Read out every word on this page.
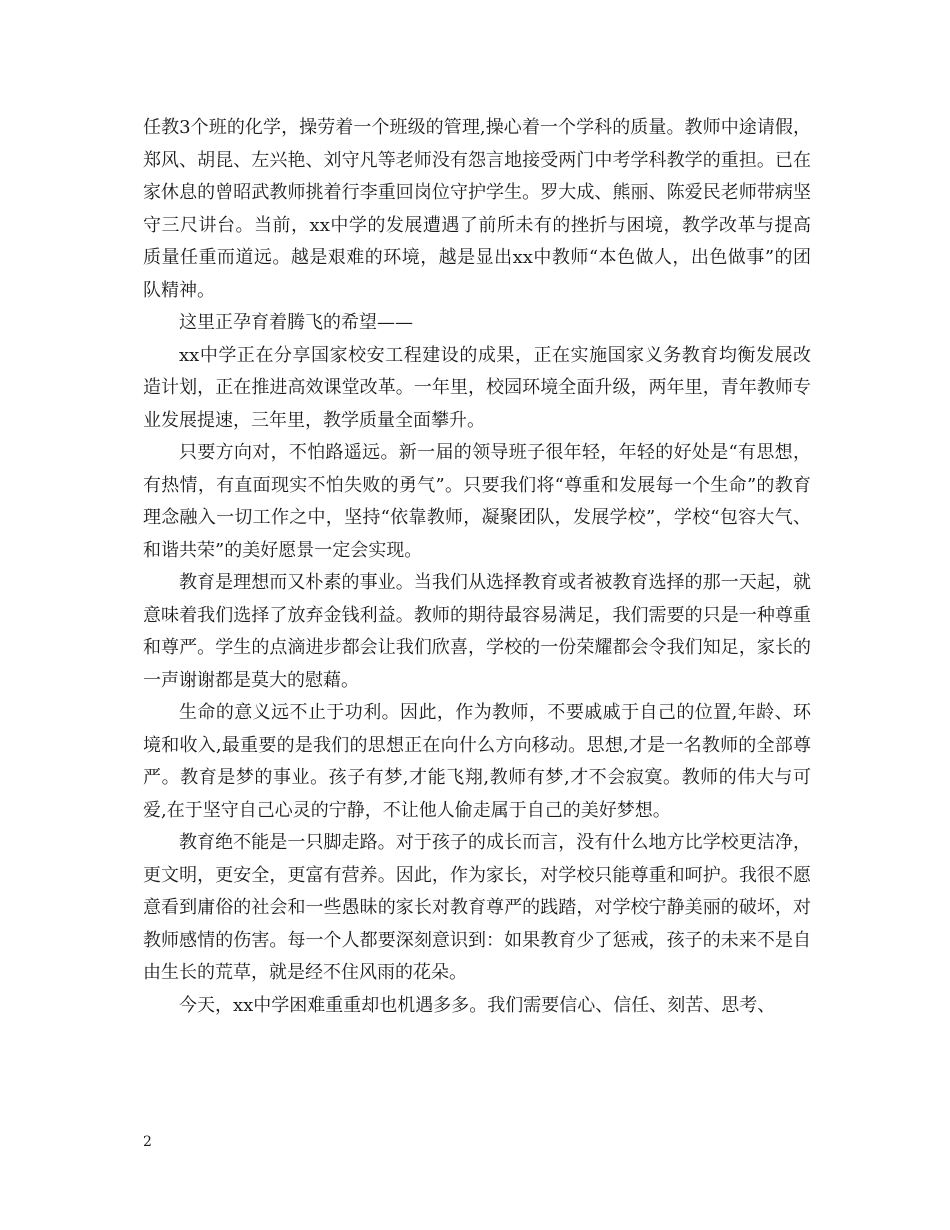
任教3个班的化学，操劳着一个班级的管理,操心着一个学科的质量。教师中途请假，郑风、胡昆、左兴艳、刘守凡等老师没有怨言地接受两门中考学科教学的重担。已在家休息的曾昭武教师挑着行李重回岗位守护学生。罗大成、熊丽、陈爱民老师带病坚守三尺讲台。当前，xx中学的发展遭遇了前所未有的挫折与困境，教学改革与提高质量任重而道远。越是艰难的环境，越是显出xx中教师“本色做人，出色做事”的团队精神。

这里正孕育着腾飞的希望——

xx中学正在分享国家校安工程建设的成果，正在实施国家义务教育均衡发展改造计划，正在推进高效课堂改革。一年里，校园环境全面升级，两年里，青年教师专业发展提速，三年里，教学质量全面攀升。

只要方向对，不怕路遥远。新一届的领导班子很年轻，年轻的好处是“有思想，有热情，有直面现实不怕失败的勇气”。只要我们将“尊重和发展每一个生命”的教育理念融入一切工作之中，坚持“依靠教师，凝聚团队，发展学校”，学校“包容大气、和谐共荣”的美好愿景一定会实现。

教育是理想而又朴素的事业。当我们从选择教育或者被教育选择的那一天起，就意味着我们选择了放弃金钱利益。教师的期待最容易满足，我们需要的只是一种尊重和尊严。学生的点滴进步都会让我们欣喜，学校的一份荣耀都会令我们知足，家长的一声谢谢都是莫大的慰藉。

生命的意义远不止于功利。因此，作为教师，不要戚戚于自己的位置,年龄、环境和收入,最重要的是我们的思想正在向什么方向移动。思想,才是一名教师的全部尊严。教育是梦的事业。孩子有梦,才能飞翔,教师有梦,才不会寂寞。教师的伟大与可爱,在于坚守自己心灵的宁静，不让他人偷走属于自己的美好梦想。

教育绝不能是一只脚走路。对于孩子的成长而言，没有什么地方比学校更洁净，更文明，更安全，更富有营养。因此，作为家长，对学校只能尊重和呵护。我很不愿意看到庸俗的社会和一些愚昧的家长对教育尊严的践踏，对学校宁静美丽的破坏，对教师感情的伤害。每一个人都要深刻意识到：如果教育少了惩戒，孩子的未来不是自由生长的荒草，就是经不住风雨的花朵。

今天，xx中学困难重重却也机遇多多。我们需要信心、信任、刻苦、思考、

2
